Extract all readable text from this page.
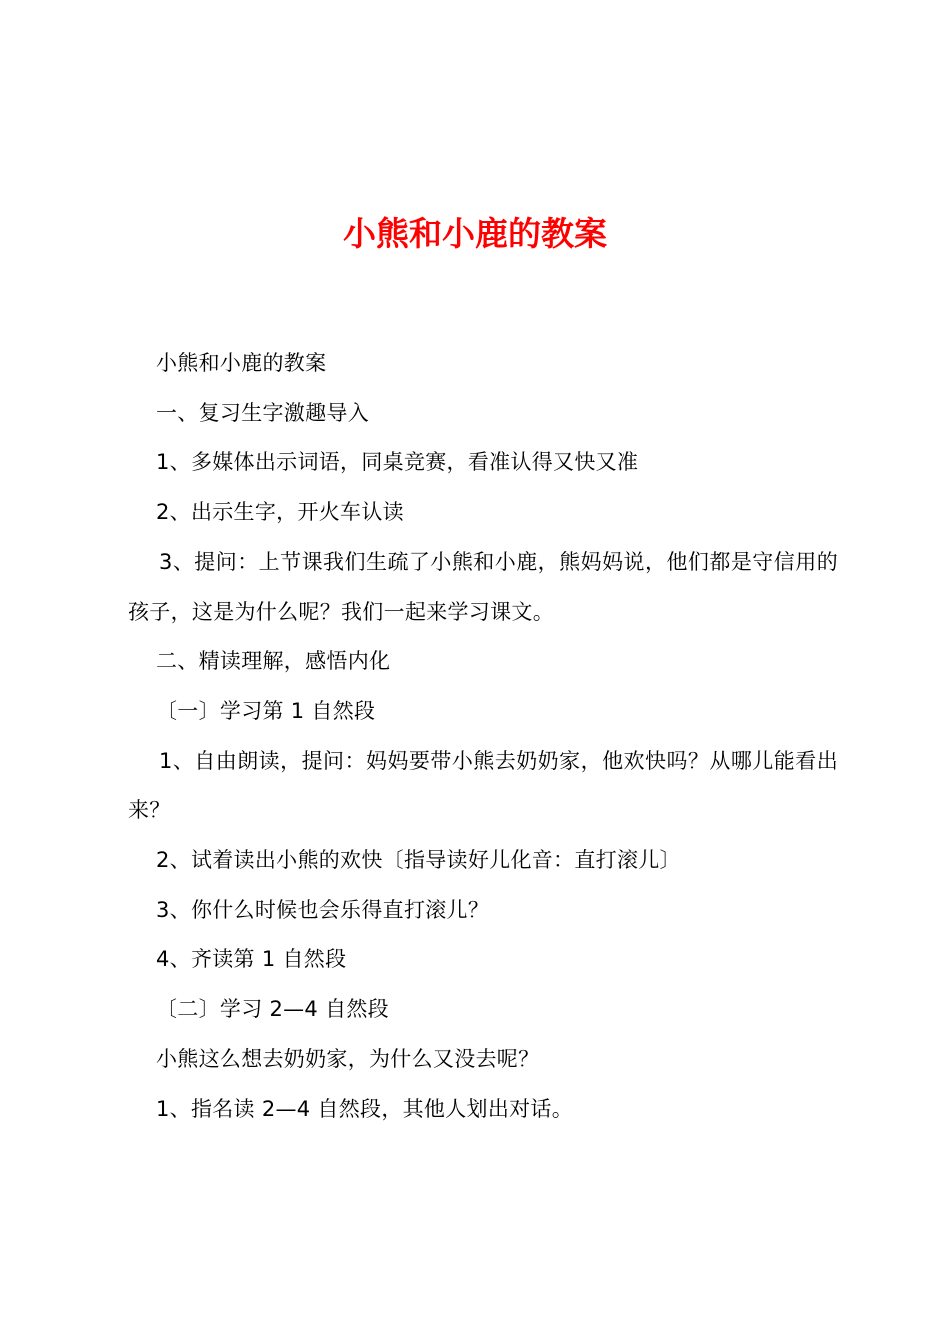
小熊和小鹿的教案

小熊和小鹿的教案

一、复习生字激趣导入

1、多媒体出示词语，同桌竞赛，看准认得又快又准

2、出示生字，开火车认读

3、提问：上节课我们生疏了小熊和小鹿，熊妈妈说，他们都是守信用的孩子，这是为什么呢？我们一起来学习课文。

二、精读理解，感悟内化

〔一〕学习第 1 自然段

1、自由朗读，提问：妈妈要带小熊去奶奶家，他欢快吗？从哪儿能看出来？

2、试着读出小熊的欢快〔指导读好儿化音：直打滚儿〕

3、你什么时候也会乐得直打滚儿？

4、齐读第 1 自然段

〔二〕学习 2—4 自然段

小熊这么想去奶奶家，为什么又没去呢？

1、指名读 2—4 自然段，其他人划出对话。
